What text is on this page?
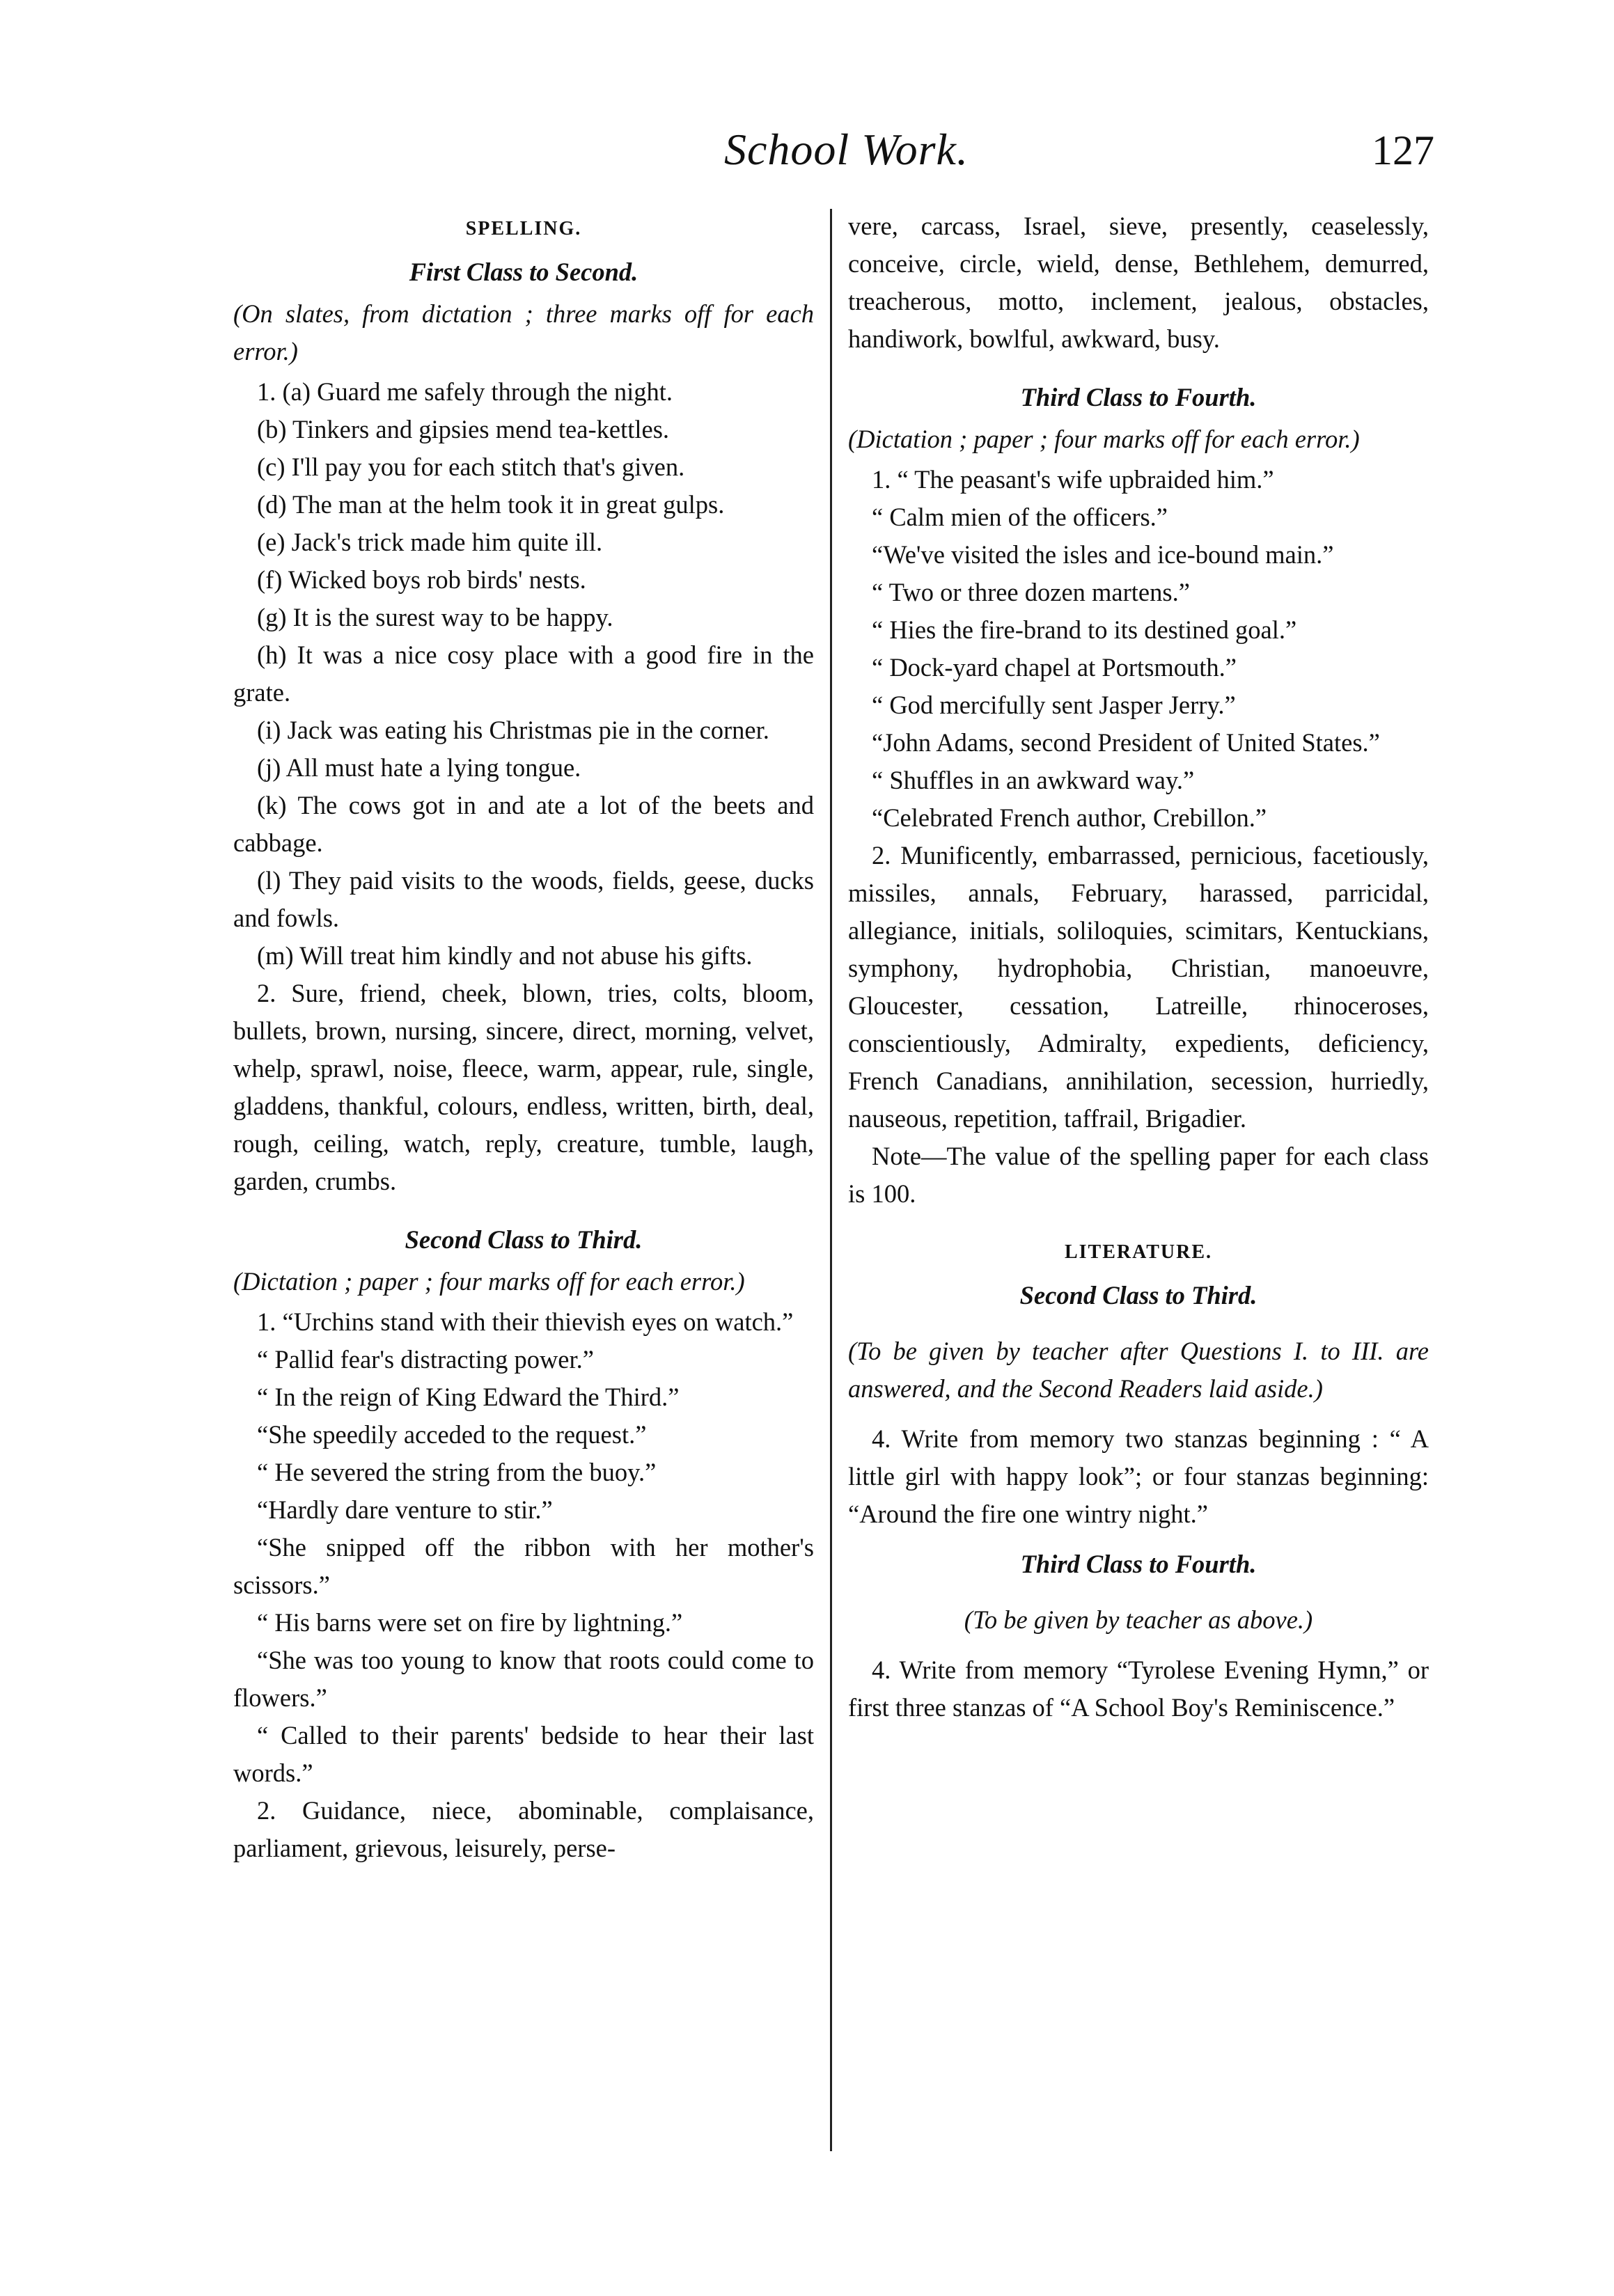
School Work.	127
SPELLING.
First Class to Second.

(On slates, from dictation ; three marks off for each error.)

1. (a) Guard me safely through the night.

(b) Tinkers and gipsies mend tea-kettles.

(c) I'll pay you for each stitch that's given.

(d) The man at the helm took it in great gulps.

(e) Jack's trick made him quite ill.

(f) Wicked boys rob birds' nests.

(g) It is the surest way to be happy.

(h) It was a nice cosy place with a good fire in the grate.

(i) Jack was eating his Christmas pie in the corner.

(j) All must hate a lying tongue.

(k) The cows got in and ate a lot of the beets and cabbage.

(l) They paid visits to the woods, fields, geese, ducks and fowls.

(m) Will treat him kindly and not abuse his gifts.

2. Sure, friend, cheek, blown, tries, colts, bloom, bullets, brown, nursing, sincere, direct, morning, velvet, whelp, sprawl, noise, fleece, warm, appear, rule, single, gladdens, thankful, colours, endless, written, birth, deal, rough, ceiling, watch, reply, creature, tumble, laugh, garden, crumbs.

Second Class to Third.

(Dictation ; paper ; four marks off for each error.)

1. “Urchins stand with their thievish eyes on watch.”

“ Pallid fear's distracting power.”

“ In the reign of King Edward the Third.”

“She speedily acceded to the request.”

“ He severed the string from the buoy.”

“Hardly dare venture to stir.”

“She snipped off the ribbon with her mother's scissors.”

“ His barns were set on fire by lightning.”

“She was too young to know that roots could come to flowers.”

“ Called to their parents' bedside to hear their last words.”

2. Guidance, niece, abominable, complaisance, parliament, grievous, leisurely, perse-

vere, carcass, Israel, sieve, presently, ceaselessly, conceive, circle, wield, dense, Bethlehem, demurred, treacherous, motto, inclement, jealous, obstacles, handiwork, bowlful, awkward, busy.

Third Class to Fourth.

(Dictation ; paper ; four marks off for each error.)

1. “ The peasant's wife upbraided him.”

“ Calm mien of the officers.”

“We've visited the isles and ice-bound main.”

“ Two or three dozen martens.”

“ Hies the fire-brand to its destined goal.”

“ Dock-yard chapel at Portsmouth.”

“ God mercifully sent Jasper Jerry.”

“John Adams, second President of United States.”

“ Shuffles in an awkward way.”

“Celebrated French author, Crebillon.”

2. Munificently, embarrassed, pernicious, facetiously, missiles, annals, February, harassed, parricidal, allegiance, initials, soliloquies, scimitars, Kentuckians, symphony, hydrophobia, Christian, manoeuvre, Gloucester, cessation, Latreille, rhinoceroses, conscientiously, Admiralty, expedients, deficiency, French Canadians, annihilation, secession, hurriedly, nauseous, repetition, taffrail, Brigadier.

Note—The value of the spelling paper for each class is 100.

LITERATURE.
Second Class to Third.

(To be given by teacher after Questions I. to III. are answered, and the Second Readers laid aside.)

4. Write from memory two stanzas beginning : “ A little girl with happy look”; or four stanzas beginning: “Around the fire one wintry night.”

Third Class to Fourth.

(To be given by teacher as above.)

4. Write from memory “Tyrolese Evening Hymn,” or first three stanzas of “A School Boy's Reminiscence.”
